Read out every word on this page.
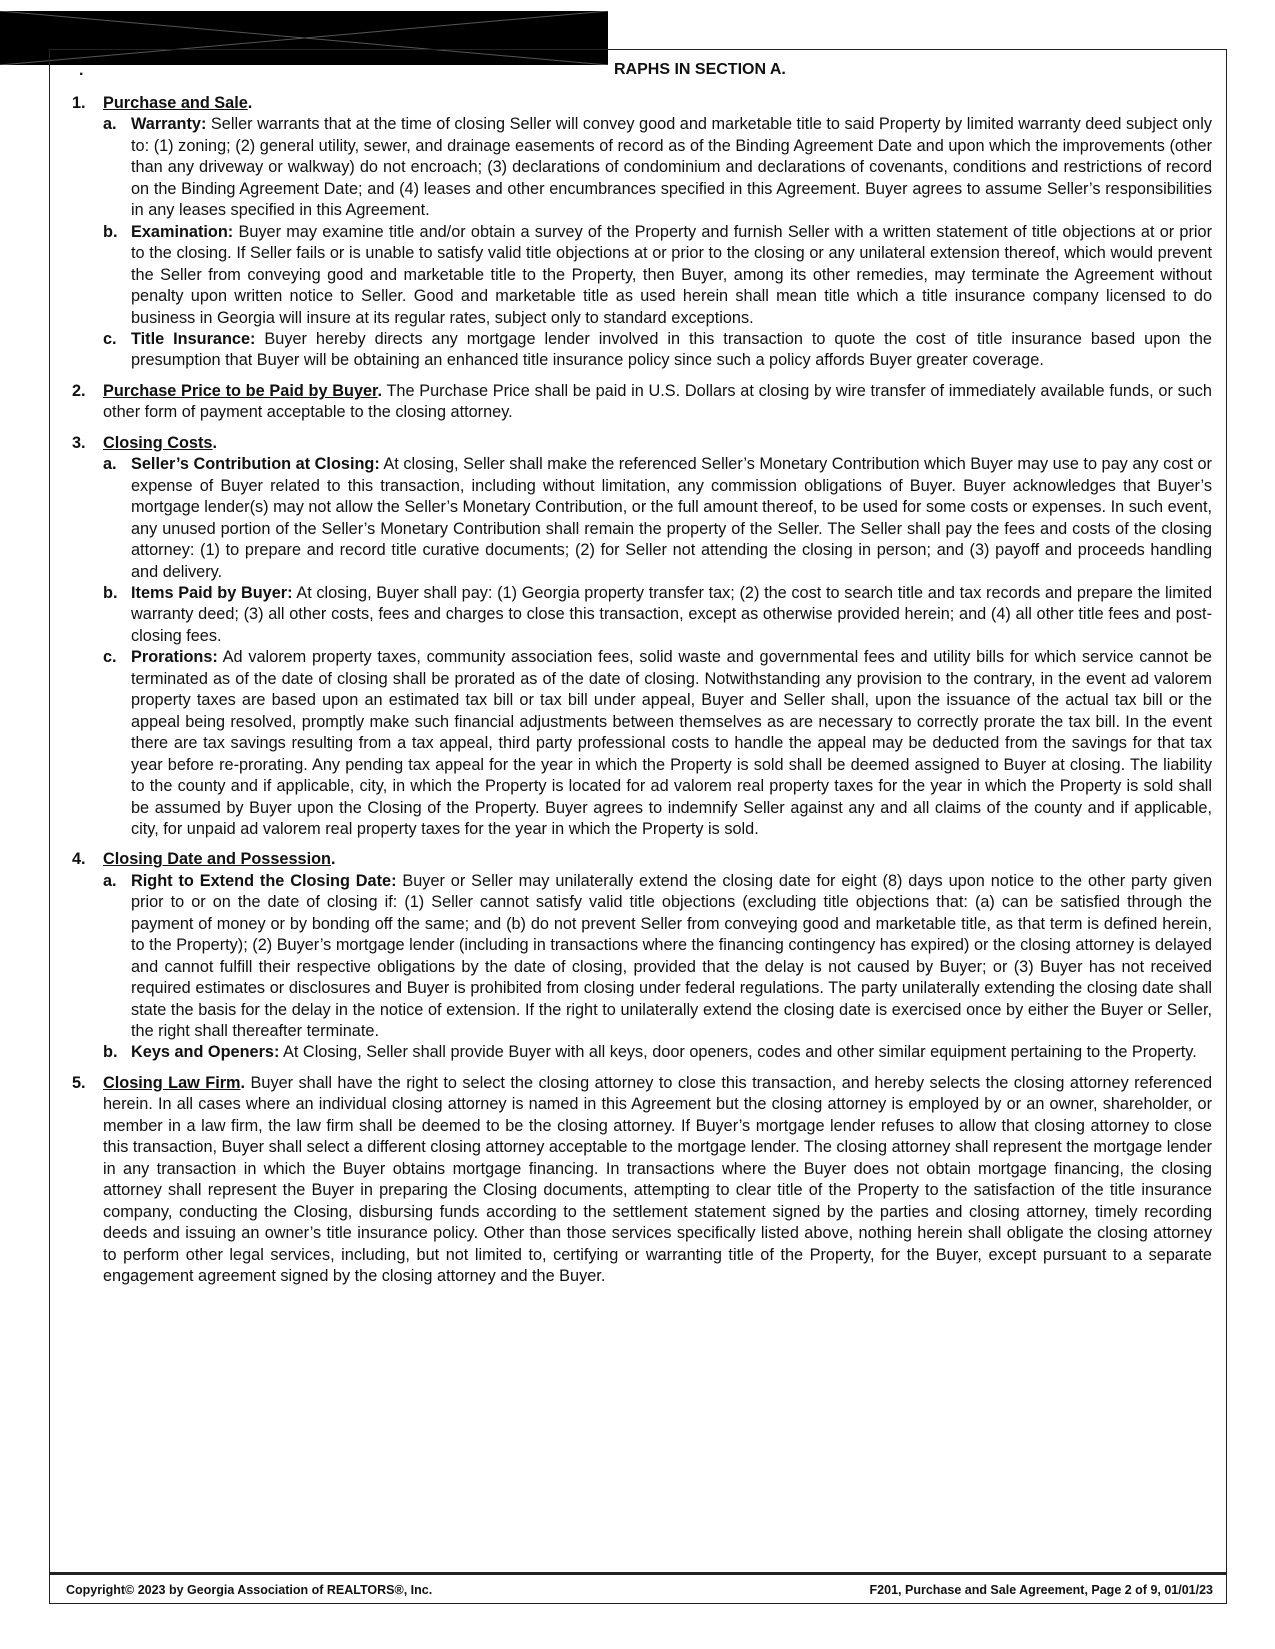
.	RAPHS IN SECTION A.
1. Purchase and Sale.
a. Warranty: Seller warrants that at the time of closing Seller will convey good and marketable title to said Property by limited warranty deed subject only to: (1) zoning; (2) general utility, sewer, and drainage easements of record as of the Binding Agreement Date and upon which the improvements (other than any driveway or walkway) do not encroach; (3) declarations of condominium and declarations of covenants, conditions and restrictions of record on the Binding Agreement Date; and (4) leases and other encumbrances specified in this Agreement. Buyer agrees to assume Seller’s responsibilities in any leases specified in this Agreement.
b. Examination: Buyer may examine title and/or obtain a survey of the Property and furnish Seller with a written statement of title objections at or prior to the closing. If Seller fails or is unable to satisfy valid title objections at or prior to the closing or any unilateral extension thereof, which would prevent the Seller from conveying good and marketable title to the Property, then Buyer, among its other remedies, may terminate the Agreement without penalty upon written notice to Seller. Good and marketable title as used herein shall mean title which a title insurance company licensed to do business in Georgia will insure at its regular rates, subject only to standard exceptions.
c. Title Insurance: Buyer hereby directs any mortgage lender involved in this transaction to quote the cost of title insurance based upon the presumption that Buyer will be obtaining an enhanced title insurance policy since such a policy affords Buyer greater coverage.
2. Purchase Price to be Paid by Buyer. The Purchase Price shall be paid in U.S. Dollars at closing by wire transfer of immediately available funds, or such other form of payment acceptable to the closing attorney.
3. Closing Costs.
a. Seller’s Contribution at Closing: At closing, Seller shall make the referenced Seller’s Monetary Contribution which Buyer may use to pay any cost or expense of Buyer related to this transaction, including without limitation, any commission obligations of Buyer. Buyer acknowledges that Buyer’s mortgage lender(s) may not allow the Seller’s Monetary Contribution, or the full amount thereof, to be used for some costs or expenses. In such event, any unused portion of the Seller’s Monetary Contribution shall remain the property of the Seller. The Seller shall pay the fees and costs of the closing attorney: (1) to prepare and record title curative documents; (2) for Seller not attending the closing in person; and (3) payoff and proceeds handling and delivery.
b. Items Paid by Buyer: At closing, Buyer shall pay: (1) Georgia property transfer tax; (2) the cost to search title and tax records and prepare the limited warranty deed; (3) all other costs, fees and charges to close this transaction, except as otherwise provided herein; and (4) all other title fees and post-closing fees.
c. Prorations: Ad valorem property taxes, community association fees, solid waste and governmental fees and utility bills for which service cannot be terminated as of the date of closing shall be prorated as of the date of closing. Notwithstanding any provision to the contrary, in the event ad valorem property taxes are based upon an estimated tax bill or tax bill under appeal, Buyer and Seller shall, upon the issuance of the actual tax bill or the appeal being resolved, promptly make such financial adjustments between themselves as are necessary to correctly prorate the tax bill. In the event there are tax savings resulting from a tax appeal, third party professional costs to handle the appeal may be deducted from the savings for that tax year before re-prorating. Any pending tax appeal for the year in which the Property is sold shall be deemed assigned to Buyer at closing. The liability to the county and if applicable, city, in which the Property is located for ad valorem real property taxes for the year in which the Property is sold shall be assumed by Buyer upon the Closing of the Property. Buyer agrees to indemnify Seller against any and all claims of the county and if applicable, city, for unpaid ad valorem real property taxes for the year in which the Property is sold.
4. Closing Date and Possession.
a. Right to Extend the Closing Date: Buyer or Seller may unilaterally extend the closing date for eight (8) days upon notice to the other party given prior to or on the date of closing if: (1) Seller cannot satisfy valid title objections (excluding title objections that: (a) can be satisfied through the payment of money or by bonding off the same; and (b) do not prevent Seller from conveying good and marketable title, as that term is defined herein, to the Property); (2) Buyer’s mortgage lender (including in transactions where the financing contingency has expired) or the closing attorney is delayed and cannot fulfill their respective obligations by the date of closing, provided that the delay is not caused by Buyer; or (3) Buyer has not received required estimates or disclosures and Buyer is prohibited from closing under federal regulations. The party unilaterally extending the closing date shall state the basis for the delay in the notice of extension. If the right to unilaterally extend the closing date is exercised once by either the Buyer or Seller, the right shall thereafter terminate.
b. Keys and Openers: At Closing, Seller shall provide Buyer with all keys, door openers, codes and other similar equipment pertaining to the Property.
5. Closing Law Firm. Buyer shall have the right to select the closing attorney to close this transaction, and hereby selects the closing attorney referenced herein. In all cases where an individual closing attorney is named in this Agreement but the closing attorney is employed by or an owner, shareholder, or member in a law firm, the law firm shall be deemed to be the closing attorney. If Buyer’s mortgage lender refuses to allow that closing attorney to close this transaction, Buyer shall select a different closing attorney acceptable to the mortgage lender. The closing attorney shall represent the mortgage lender in any transaction in which the Buyer obtains mortgage financing. In transactions where the Buyer does not obtain mortgage financing, the closing attorney shall represent the Buyer in preparing the Closing documents, attempting to clear title of the Property to the satisfaction of the title insurance company, conducting the Closing, disbursing funds according to the settlement statement signed by the parties and closing attorney, timely recording deeds and issuing an owner’s title insurance policy. Other than those services specifically listed above, nothing herein shall obligate the closing attorney to perform other legal services, including, but not limited to, certifying or warranting title of the Property, for the Buyer, except pursuant to a separate engagement agreement signed by the closing attorney and the Buyer.
Copyright© 2023 by Georgia Association of REALTORS®, Inc.	F201, Purchase and Sale Agreement, Page 2 of 9, 01/01/23
